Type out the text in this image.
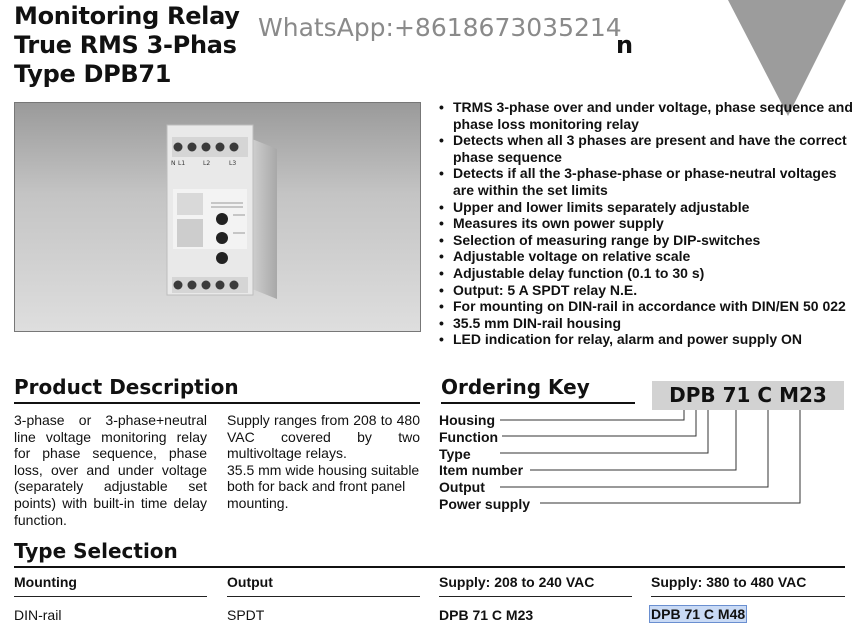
Monitoring Relay
True RMS 3-Phas
Type DPB71
WhatsApp:+8618673035214
n
N L1	L2	L3
• TRMS 3-phase over and under voltage, phase sequence and phase loss monitoring relay
• Detects when all 3 phases are present and have the correct phase sequence
• Detects if all the 3-phase-phase or phase-neutral voltages are within the set limits
• Upper and lower limits separately adjustable
• Measures its own power supply
• Selection of measuring range by DIP-switches
• Adjustable voltage on relative scale
• Adjustable delay function (0.1 to 30 s)
• Output: 5 A SPDT relay N.E.
• For mounting on DIN-rail in accordance with DIN/EN 50 022
• 35.5 mm DIN-rail housing
• LED indication for relay, alarm and power supply ON
Product Description
3-phase or 3-phase+neutral line voltage monitoring relay for phase sequence, phase loss, over and under voltage (separately adjustable set points) with built-in time delay function.
Supply ranges from 208 to 480 VAC covered by two multivoltage relays.
35.5 mm wide housing suitable both for back and front panel mounting.
Ordering Key	DPB 71 C M23
Housing
Function
Type
Item number
Output
Power supply
Type Selection
Mounting	Output	Supply: 208 to 240 VAC	Supply: 380 to 480 VAC
DIN-rail	SPDT	DPB 71 C M23	DPB 71 C M48
